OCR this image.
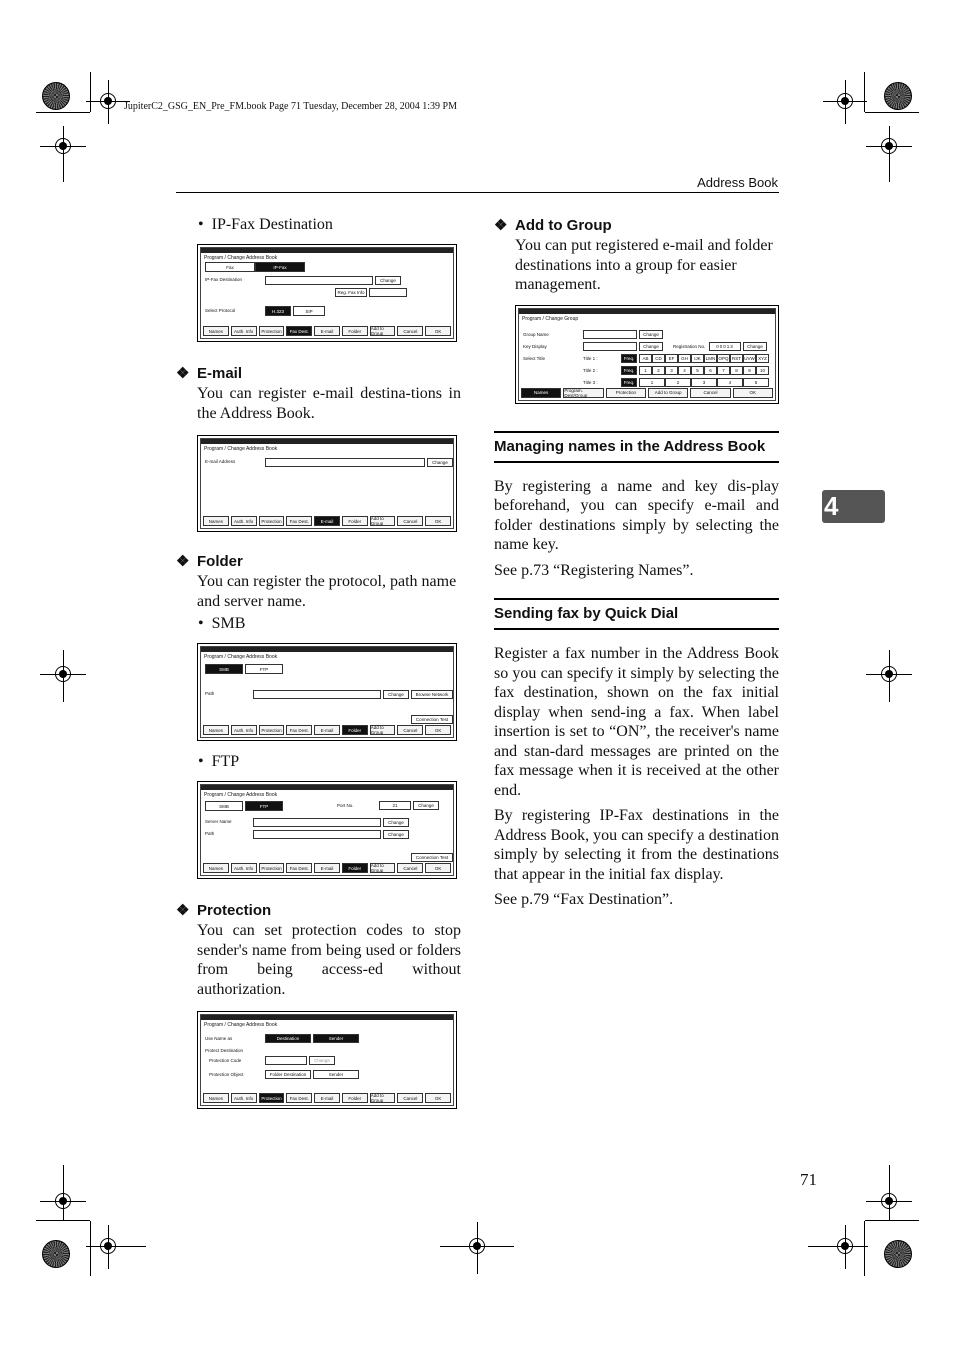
JupiterC2_GSG_EN_Pre_FM.book Page 71 Tuesday, December 28, 2004 1:39 PM
Address Book
4
71
•  IP-Fax Destination
Program / Change Address Book
Fax	IP-Fax
IP-Fax Destination	Change
Reg. Fax Info
Select Protocol	H.323	SIP
Names	Auth. Info	Protection	Fax Dest.	E-mail	Folder	Add to Group	Cancel	OK
❖ E-mail
You can register e-mail destina-tions in the Address Book.
Program / Change Address Book
E-mail Address	Change
Names	Auth. Info	Protection	Fax Dest.	E-mail	Folder	Add to Group	Cancel	OK
❖ Folder
You can register the protocol, path name and server name.
•  SMB
Program / Change Address Book
SMB	FTP
Path	Change	Browse Network
Connection Test
Names	Auth. Info	Protection	Fax Dest.	E-mail	Folder	Add to Group	Cancel	OK
•  FTP
Program / Change Address Book
SMB	FTP	Port No.	21	Change
Server Name	Change
Path	Change
Connection Test
Names	Auth. Info	Protection	Fax Dest.	E-mail	Folder	Add to Group	Cancel	OK
❖ Protection
You can set protection codes to stop sender's name from being used or folders from being access-ed without authorization.
Program / Change Address Book
Use Name as	Destination	Sender
Protect Destination
Protection Code	Change
Protection Object	Folder Destination	Sender
Names	Auth. Info	Protection	Fax Dest.	E-mail	Folder	Add to Group	Cancel	OK
❖ Add to Group
You can put registered e-mail and folder destinations into a group for easier management.
Program / Change Group
Group Name	Change
Key Display	Change	Registration No.	00013	Change
Select Title	Title 1 :	Freq.	AB	CD	EF	GH	IJK	LMN OPQ RST UVW XYZ
Title 2 :	Freq.	1	2	3	4	5	6	7	8	9	10
Title 3 :	Freq.	1	2	3	4	5
Names	Program. Dest/Group	Protection	Add to Group	Cancel	OK
Managing names in the Address Book
By registering a name and key dis-play beforehand, you can specify e-mail and folder destinations simply by selecting the name key.
See p.73 “Registering Names”.
Sending fax by Quick Dial
Register a fax number in the Address Book so you can specify it simply by selecting the fax destination, shown on the fax initial display when send-ing a fax. When label insertion is set to “ON”, the receiver's name and stan-dard messages are printed on the fax message when it is received at the other end.
By registering IP-Fax destinations in the Address Book, you can specify a destination simply by selecting it from the destinations that appear in the initial fax display.
See p.79 “Fax Destination”.
